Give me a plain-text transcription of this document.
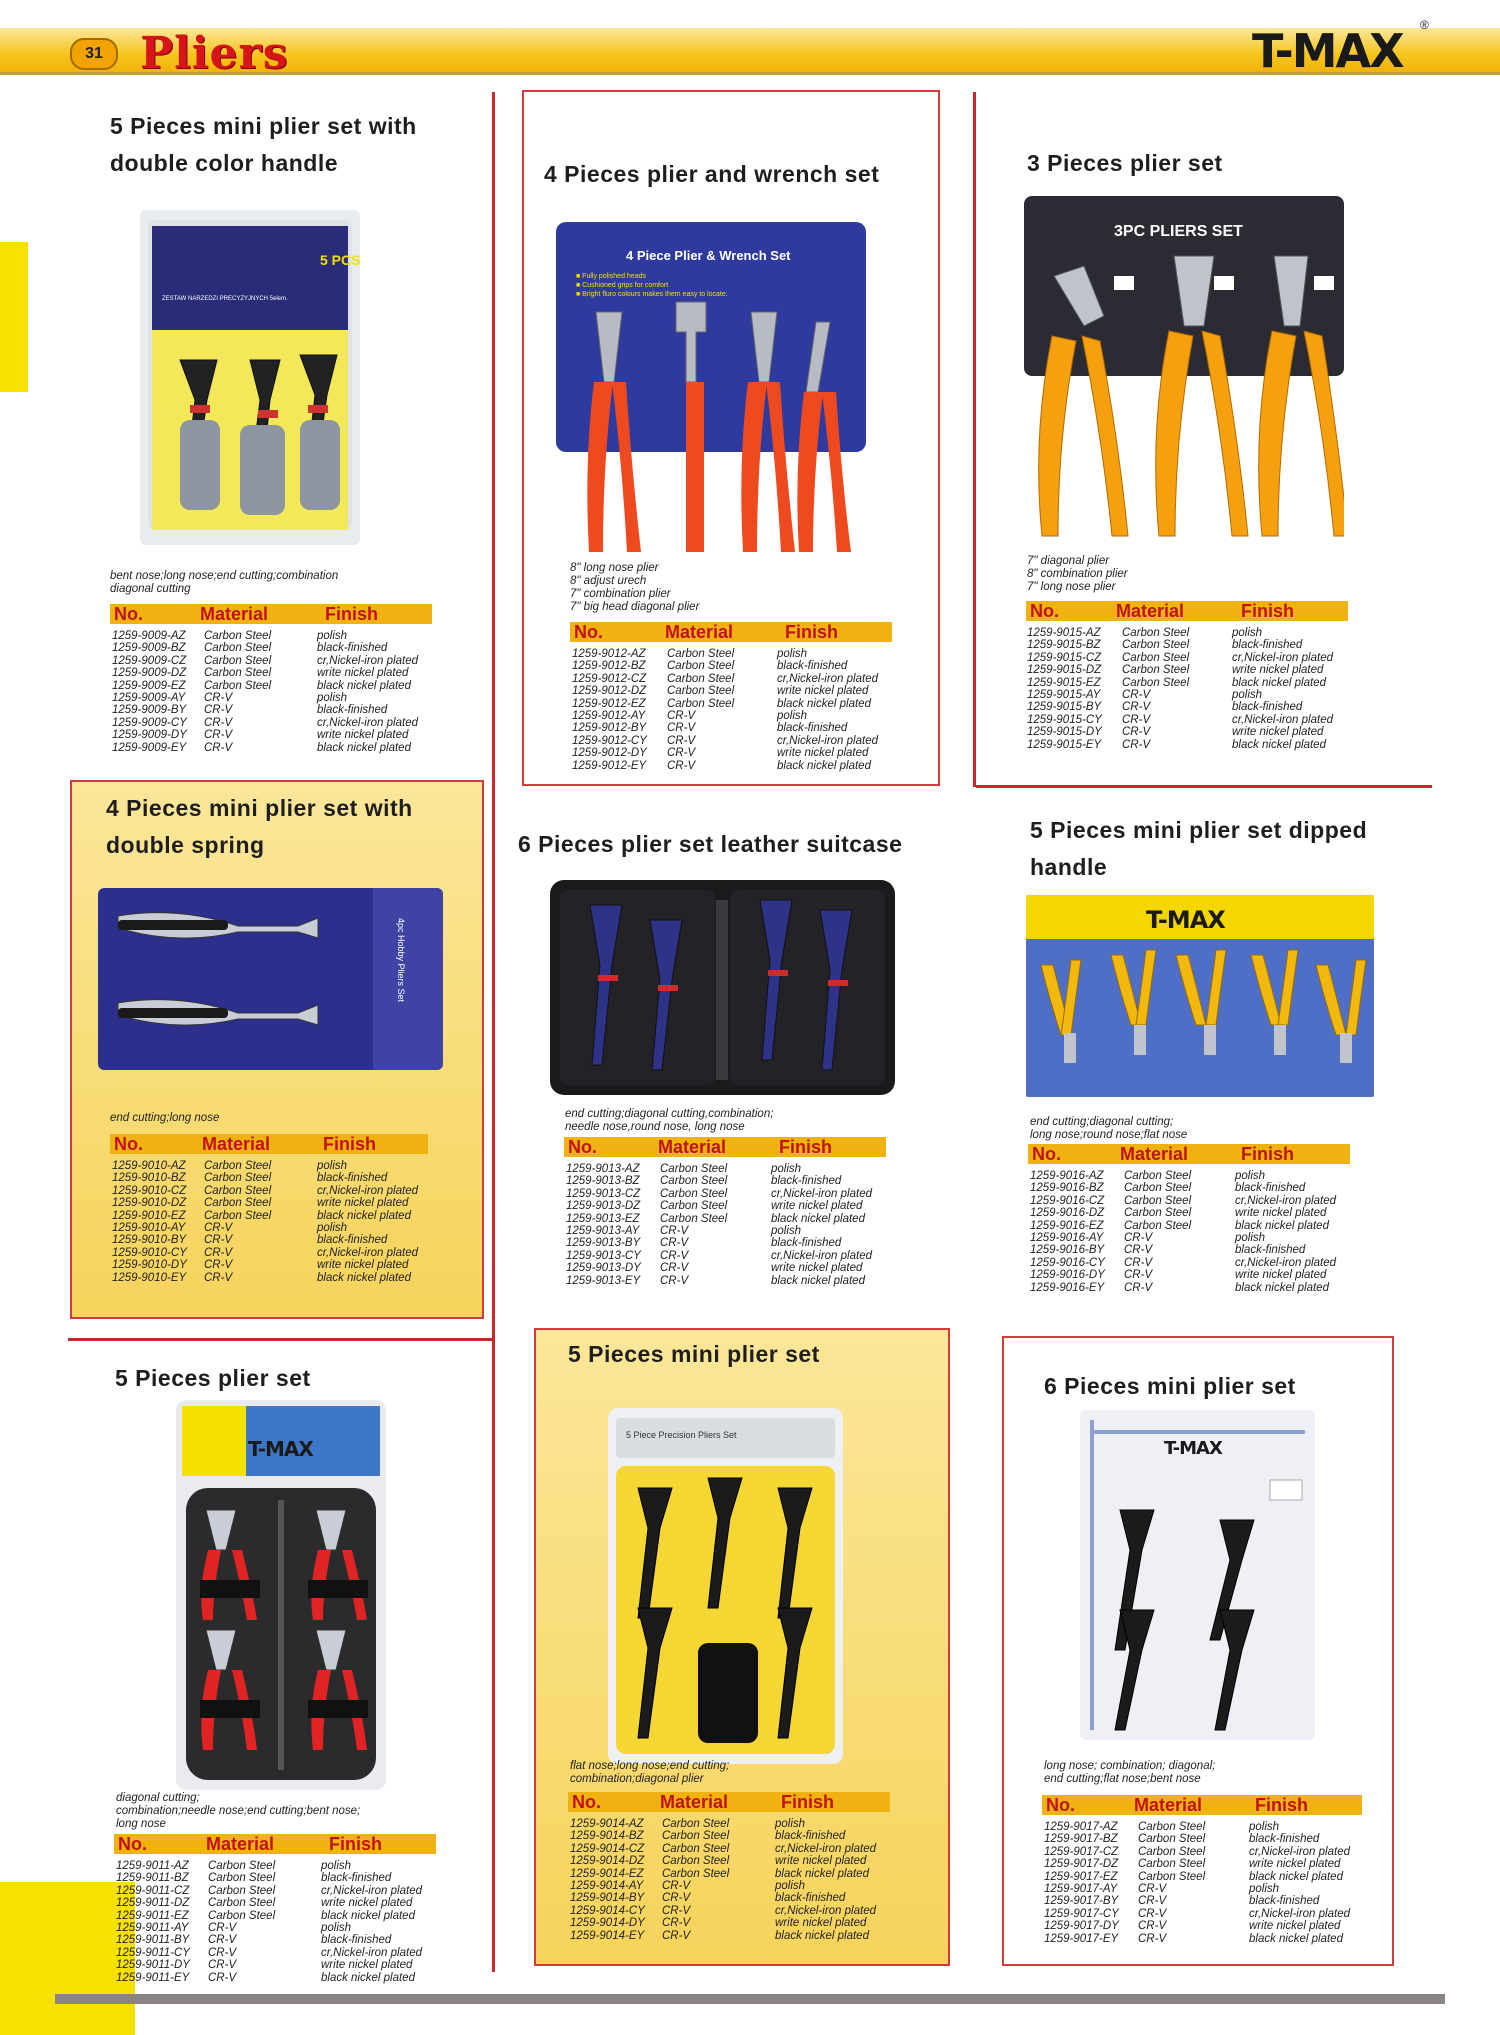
31 Pliers	T-MAX ®
5 Pieces mini plier set with double color handle
5 PCS
ZESTAW NARZEDZI PRECYZYJNYCH 5elem.
bent nose;long nose;end cutting;combination
diagonal cutting
No.	Material	Finish
1259-9009-AZ Carbon Steel	polish
1259-9009-BZ Carbon Steel	black-finished
1259-9009-CZ Carbon Steel	cr,Nickel-iron plated
1259-9009-DZ Carbon Steel	write nickel plated
1259-9009-EZ Carbon Steel	black nickel plated
1259-9009-AY CR-V	polish
1259-9009-BY CR-V	black-finished
1259-9009-CY CR-V	cr,Nickel-iron plated
1259-9009-DY CR-V	write nickel plated
1259-9009-EY CR-V	black nickel plated
4 Pieces plier and wrench set
4 Piece Plier & Wrench Set
■ Fully polished heads
■ Cushioned grips for comfort
■ Bright fluro colours makes them easy to locate.
8" long nose plier
8" adjust urech
7" combination plier
7" big head diagonal plier
No.	Material	Finish
1259-9012-AZ Carbon Steel	polish
1259-9012-BZ Carbon Steel	black-finished
1259-9012-CZ Carbon Steel	cr,Nickel-iron plated
1259-9012-DZ Carbon Steel	write nickel plated
1259-9012-EZ Carbon Steel	black nickel plated
1259-9012-AY CR-V	polish
1259-9012-BY CR-V	black-finished
1259-9012-CY CR-V	cr,Nickel-iron plated
1259-9012-DY CR-V	write nickel plated
1259-9012-EY CR-V	black nickel plated
3 Pieces plier set
3PC PLIERS SET
7" diagonal plier
8" combination plier
7" long nose plier
No.	Material	Finish
1259-9015-AZ Carbon Steel	polish
1259-9015-BZ Carbon Steel	black-finished
1259-9015-CZ Carbon Steel	cr,Nickel-iron plated
1259-9015-DZ Carbon Steel	write nickel plated
1259-9015-EZ Carbon Steel	black nickel plated
1259-9015-AY CR-V	polish
1259-9015-BY CR-V	black-finished
1259-9015-CY CR-V	cr,Nickel-iron plated
1259-9015-DY CR-V	write nickel plated
1259-9015-EY CR-V	black nickel plated
4 Pieces mini plier set with double spring
4pc Hobby Pliers Set
end cutting;long nose
No.	Material	Finish
1259-9010-AZ Carbon Steel	polish
1259-9010-BZ Carbon Steel	black-finished
1259-9010-CZ Carbon Steel	cr,Nickel-iron plated
1259-9010-DZ Carbon Steel	write nickel plated
1259-9010-EZ Carbon Steel	black nickel plated
1259-9010-AY CR-V	polish
1259-9010-BY CR-V	black-finished
1259-9010-CY CR-V	cr,Nickel-iron plated
1259-9010-DY CR-V	write nickel plated
1259-9010-EY CR-V	black nickel plated
6 Pieces plier set leather suitcase
end cutting;diagonal cutting,combination;
needle nose,round nose, long nose
No.	Material	Finish
1259-9013-AZ Carbon Steel	polish
1259-9013-BZ Carbon Steel	black-finished
1259-9013-CZ Carbon Steel	cr,Nickel-iron plated
1259-9013-DZ Carbon Steel	write nickel plated
1259-9013-EZ Carbon Steel	black nickel plated
1259-9013-AY CR-V	polish
1259-9013-BY CR-V	black-finished
1259-9013-CY CR-V	cr,Nickel-iron plated
1259-9013-DY CR-V	write nickel plated
1259-9013-EY CR-V	black nickel plated
5 Pieces mini plier set dipped handle
T-MAX
end cutting;diagonal cutting;
long nose;round nose;flat nose
No.	Material	Finish
1259-9016-AZ Carbon Steel	polish
1259-9016-BZ Carbon Steel	black-finished
1259-9016-CZ Carbon Steel	cr,Nickel-iron plated
1259-9016-DZ Carbon Steel	write nickel plated
1259-9016-EZ Carbon Steel	black nickel plated
1259-9016-AY CR-V	polish
1259-9016-BY CR-V	black-finished
1259-9016-CY CR-V	cr,Nickel-iron plated
1259-9016-DY CR-V	write nickel plated
1259-9016-EY CR-V	black nickel plated
5 Pieces plier set
T-MAX
diagonal cutting;
combination;needle nose;end cutting;bent nose;
long nose
No.	Material	Finish
1259-9011-AZ Carbon Steel	polish
1259-9011-BZ Carbon Steel	black-finished
1259-9011-CZ Carbon Steel	cr,Nickel-iron plated
1259-9011-DZ Carbon Steel	write nickel plated
1259-9011-EZ Carbon Steel	black nickel plated
1259-9011-AY CR-V	polish
1259-9011-BY CR-V	black-finished
1259-9011-CY CR-V	cr,Nickel-iron plated
1259-9011-DY CR-V	write nickel plated
1259-9011-EY CR-V	black nickel plated
5 Pieces mini plier set
5 Piece Precision Pliers Set
flat nose;long nose;end cutting;
combination;diagonal plier
No.	Material	Finish
1259-9014-AZ Carbon Steel	polish
1259-9014-BZ Carbon Steel	black-finished
1259-9014-CZ Carbon Steel	cr,Nickel-iron plated
1259-9014-DZ Carbon Steel	write nickel plated
1259-9014-EZ Carbon Steel	black nickel plated
1259-9014-AY CR-V	polish
1259-9014-BY CR-V	black-finished
1259-9014-CY CR-V	cr,Nickel-iron plated
1259-9014-DY CR-V	write nickel plated
1259-9014-EY CR-V	black nickel plated
6 Pieces mini plier set
T-MAX
long nose; combination; diagonal;
end cutting;flat nose;bent nose
No.	Material	Finish
1259-9017-AZ Carbon Steel	polish
1259-9017-BZ Carbon Steel	black-finished
1259-9017-CZ Carbon Steel	cr,Nickel-iron plated
1259-9017-DZ Carbon Steel	write nickel plated
1259-9017-EZ Carbon Steel	black nickel plated
1259-9017-AY CR-V	polish
1259-9017-BY CR-V	black-finished
1259-9017-CY CR-V	cr,Nickel-iron plated
1259-9017-DY CR-V	write nickel plated
1259-9017-EY CR-V	black nickel plated
